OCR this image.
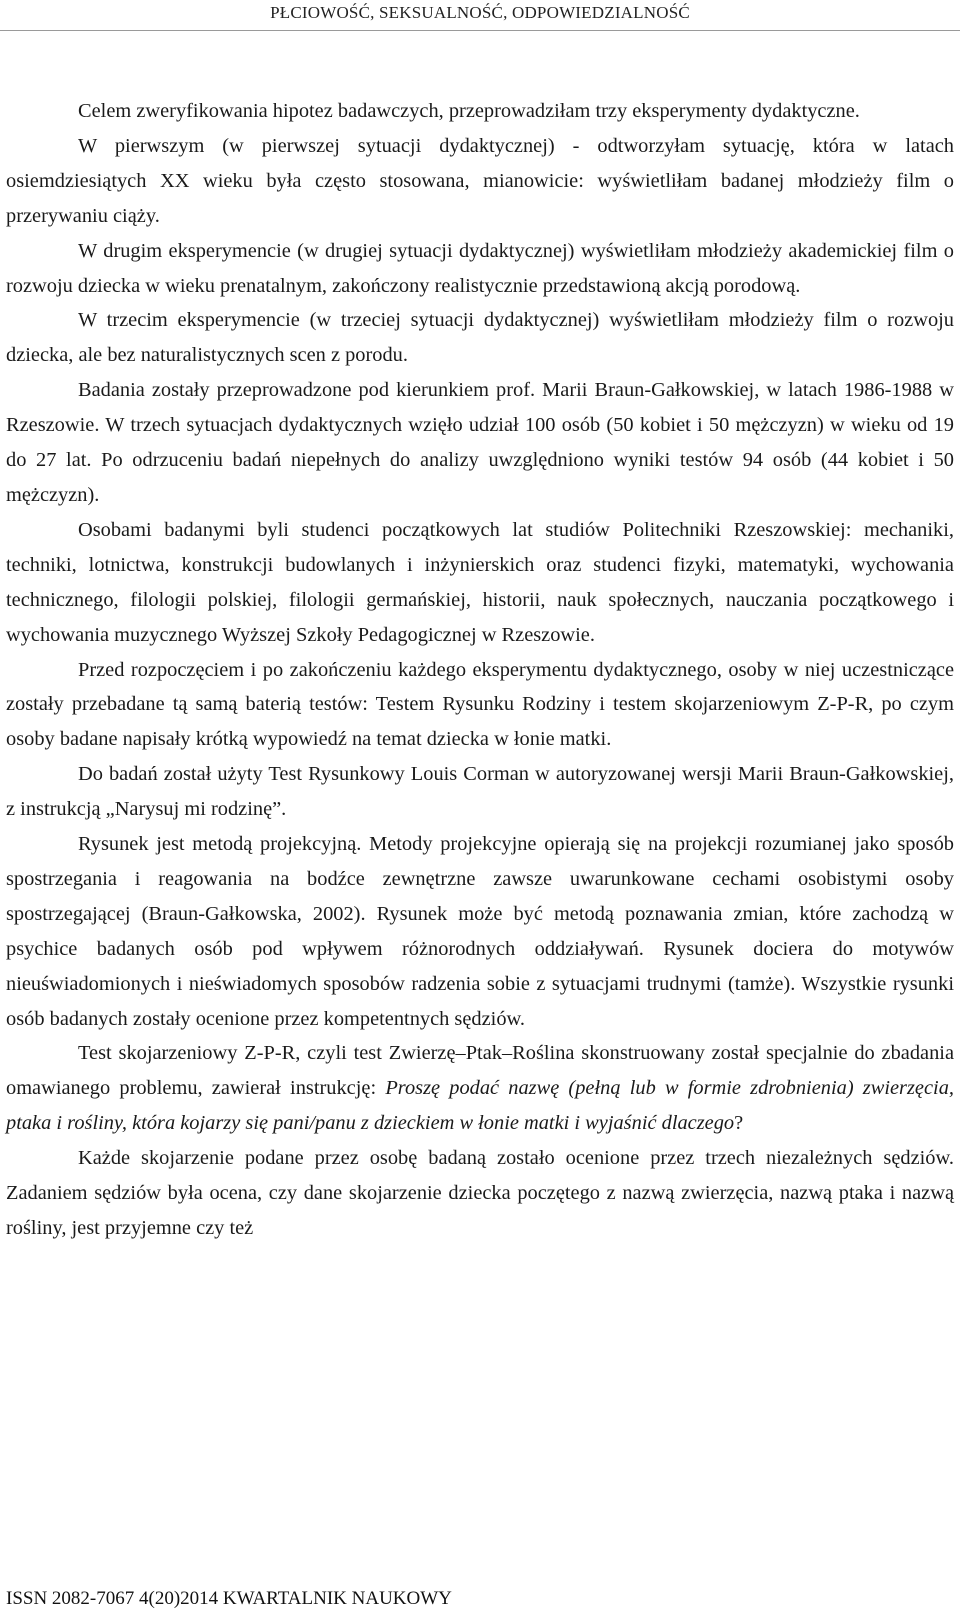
PŁCIOWOŚĆ, SEKSUALNOŚĆ, ODPOWIEDZIALNOŚĆ

Celem zweryfikowania hipotez badawczych, przeprowadziłam trzy eksperymenty dydaktyczne.

W pierwszym (w pierwszej sytuacji dydaktycznej) - odtworzyłam sytuację, która w latach osiemdziesiątych XX wieku była często stosowana, mianowicie: wyświetliłam badanej młodzieży film o przerywaniu ciąży.

W drugim eksperymencie (w drugiej sytuacji dydaktycznej) wyświetliłam młodzieży akademickiej film o rozwoju dziecka w wieku prenatalnym, zakończony realistycznie przedstawioną akcją porodową.

W trzecim eksperymencie (w trzeciej sytuacji dydaktycznej) wyświetliłam młodzieży film o rozwoju dziecka, ale bez naturalistycznych scen z porodu.

Badania zostały przeprowadzone pod kierunkiem prof. Marii Braun-Gałkowskiej, w latach 1986-1988 w Rzeszowie. W trzech sytuacjach dydaktycznych wzięło udział 100 osób (50 kobiet i 50 mężczyzn) w wieku od 19 do 27 lat. Po odrzuceniu badań niepełnych do analizy uwzględniono wyniki testów 94 osób (44 kobiet i 50 mężczyzn).

Osobami badanymi byli studenci początkowych lat studiów Politechniki Rzeszowskiej: mechaniki, techniki, lotnictwa, konstrukcji budowlanych i inżynierskich oraz studenci fizyki, matematyki, wychowania technicznego, filologii polskiej, filologii germańskiej, historii, nauk społecznych, nauczania początkowego i wychowania muzycznego Wyższej Szkoły Pedagogicznej w Rzeszowie.

Przed rozpoczęciem i po zakończeniu każdego eksperymentu dydaktycznego, osoby w niej uczestniczące zostały przebadane tą samą baterią testów: Testem Rysunku Rodziny i testem skojarzeniowym Z-P-R, po czym osoby badane napisały krótką wypowiedź na temat dziecka w łonie matki.

Do badań został użyty Test Rysunkowy Louis Corman w autoryzowanej wersji Marii Braun-Gałkowskiej, z instrukcją „Narysuj mi rodzinę”.

Rysunek jest metodą projekcyjną. Metody projekcyjne opierają się na projekcji rozumianej jako sposób spostrzegania i reagowania na bodźce zewnętrzne zawsze uwarunkowane cechami osobistymi osoby spostrzegającej (Braun-Gałkowska, 2002). Rysunek może być metodą poznawania zmian, które zachodzą w psychice badanych osób pod wpływem różnorodnych oddziaływań. Rysunek dociera do motywów nieuświadomionych i nieświadomych sposobów radzenia sobie z sytuacjami trudnymi (tamże). Wszystkie rysunki osób badanych zostały ocenione przez kompetentnych sędziów.

Test skojarzeniowy Z-P-R, czyli test Zwierzę–Ptak–Roślina skonstruowany został specjalnie do zbadania omawianego problemu, zawierał instrukcję: Proszę podać nazwę (pełną lub w formie zdrobnienia) zwierzęcia, ptaka i rośliny, która kojarzy się pani/panu z dzieckiem w łonie matki i wyjaśnić dlaczego?

Każde skojarzenie podane przez osobę badaną zostało ocenione przez trzech niezależnych sędziów. Zadaniem sędziów była ocena, czy dane skojarzenie dziecka poczętego z nazwą zwierzęcia, nazwą ptaka i nazwą rośliny, jest przyjemne czy też

ISSN 2082-7067 4(20)2014 KWARTALNIK NAUKOWY
